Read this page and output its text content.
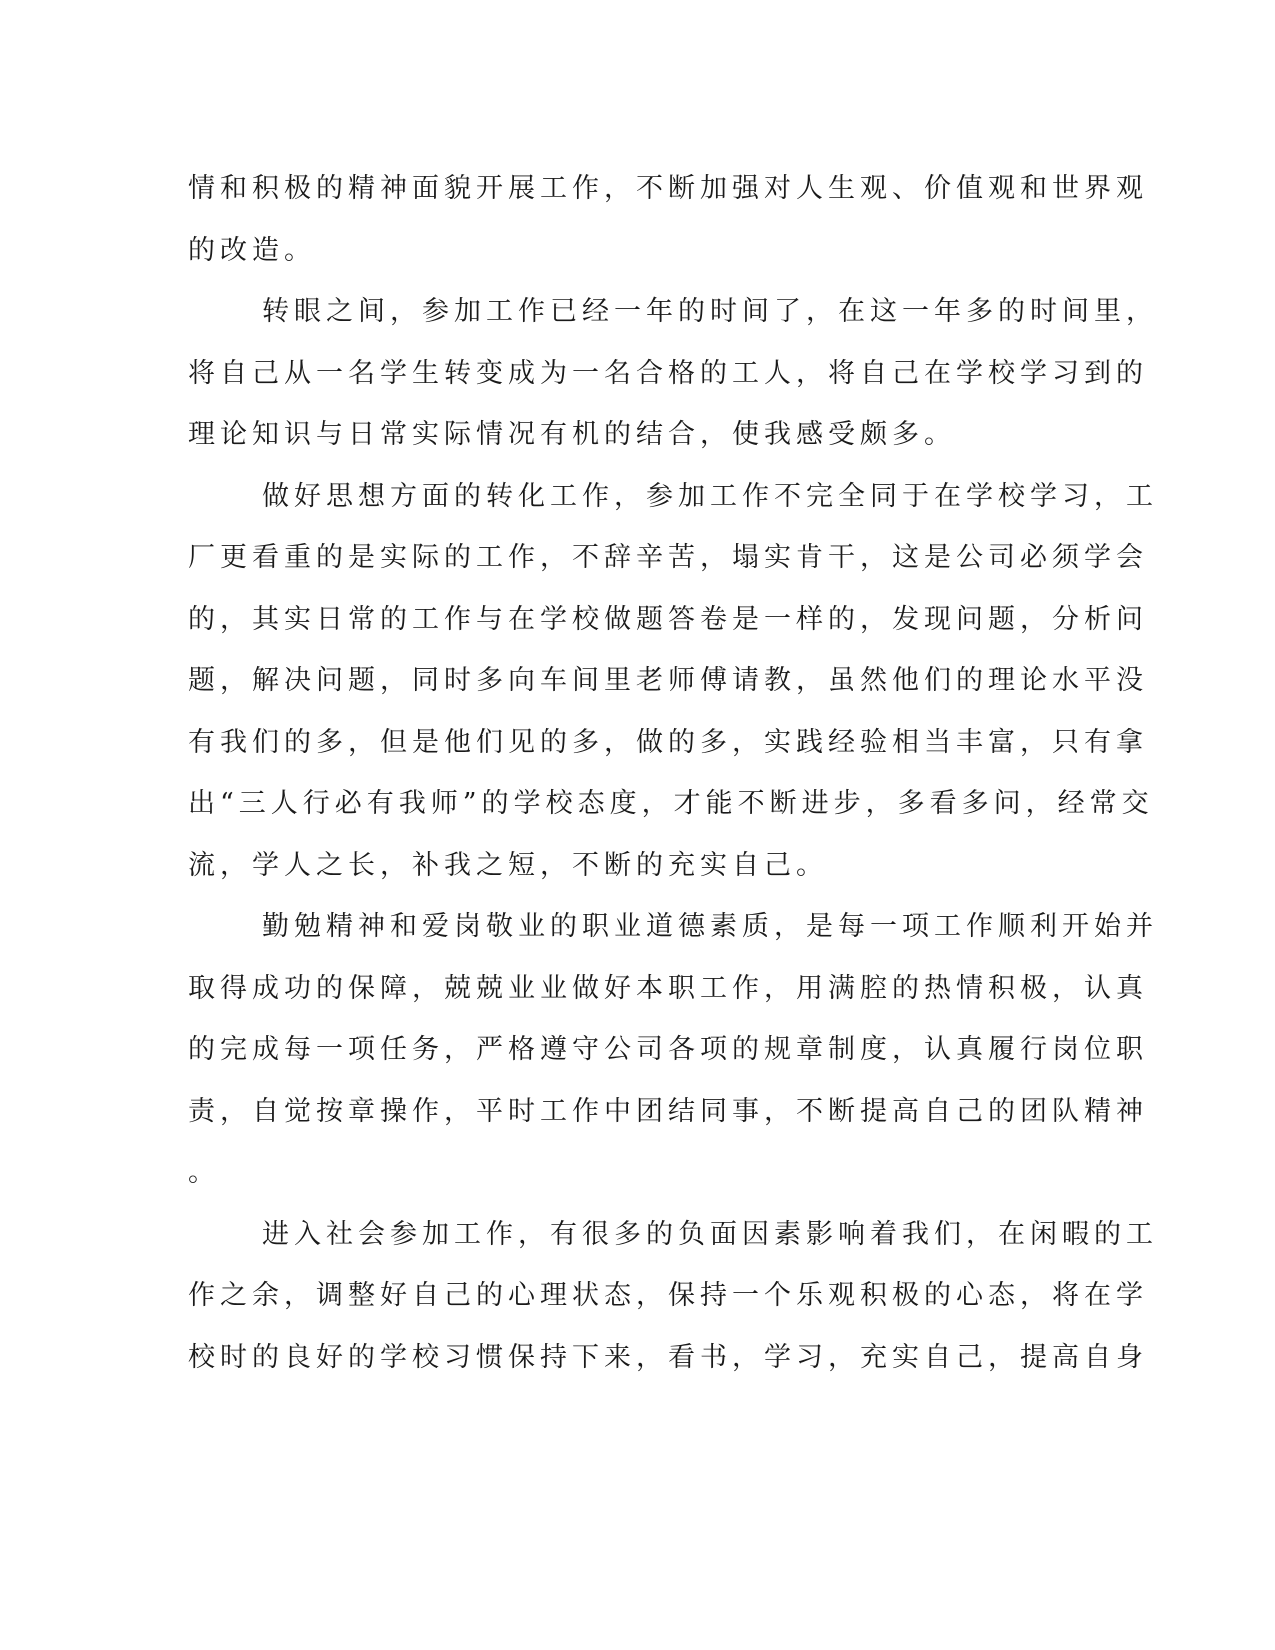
情和积极的精神面貌开展工作，不断加强对人生观、价值观和世界观
的改造。
转眼之间，参加工作已经一年的时间了，在这一年多的时间里，
将自己从一名学生转变成为一名合格的工人，将自己在学校学习到的
理论知识与日常实际情况有机的结合，使我感受颇多。
做好思想方面的转化工作，参加工作不完全同于在学校学习，工
厂更看重的是实际的工作，不辞辛苦，塌实肯干，这是公司必须学会
的，其实日常的工作与在学校做题答卷是一样的，发现问题，分析问
题，解决问题，同时多向车间里老师傅请教，虽然他们的理论水平没
有我们的多，但是他们见的多，做的多，实践经验相当丰富，只有拿
出“三人行必有我师”的学校态度，才能不断进步，多看多问，经常交
流，学人之长，补我之短，不断的充实自己。
勤勉精神和爱岗敬业的职业道德素质，是每一项工作顺利开始并
取得成功的保障，兢兢业业做好本职工作，用满腔的热情积极，认真
的完成每一项任务，严格遵守公司各项的规章制度，认真履行岗位职
责，自觉按章操作，平时工作中团结同事，不断提高自己的团队精神
。
进入社会参加工作，有很多的负面因素影响着我们，在闲暇的工
作之余，调整好自己的心理状态，保持一个乐观积极的心态，将在学
校时的良好的学校习惯保持下来，看书，学习，充实自己，提高自身
